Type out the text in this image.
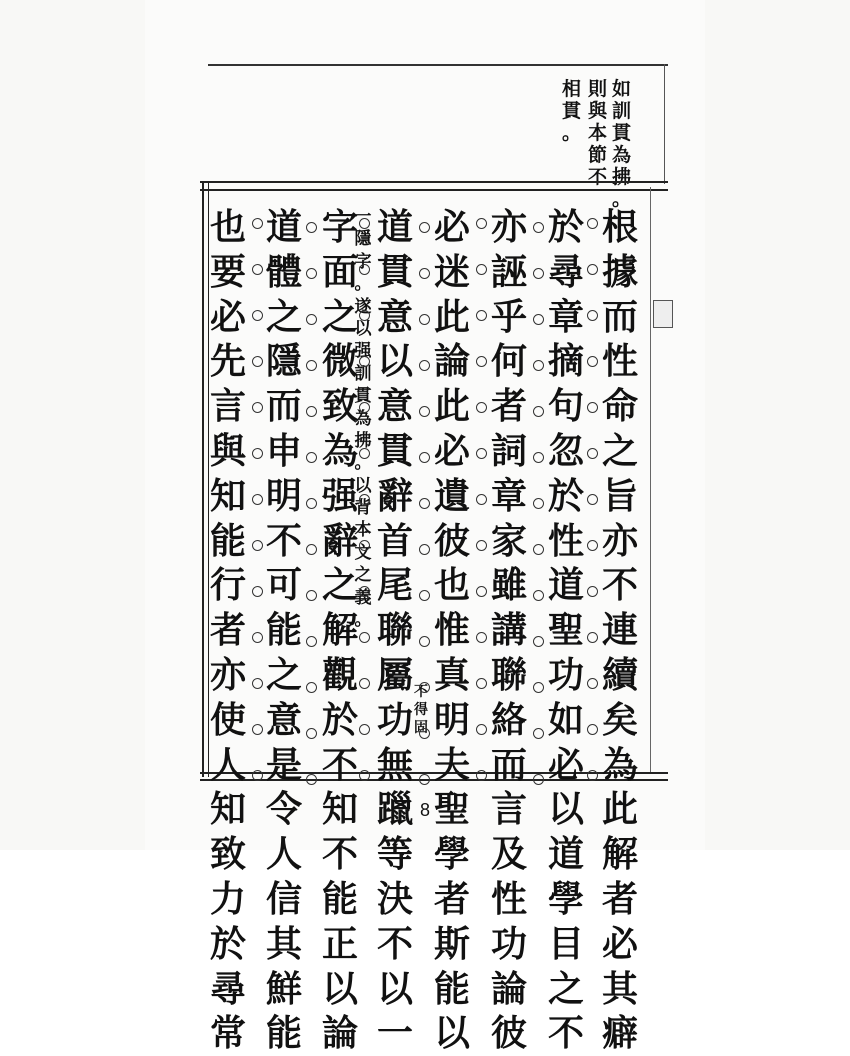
如
訓
貫
為
拂
。
則
與
本
節
不
相
貫
。
根
據
而
性
命
之
旨
亦
不
連
續
矣
為
此
解
者
必
其
癖
於
尋
章
摘
句
忽
於
性
道
聖
功
如
必
以
道
學
目
之
不
亦
誣
乎
何
者
詞
章
家
雖
講
聯
絡
而
言
及
性
功
論
彼
必
迷
此
論
此
必
遺
彼
也
惟
真
明
夫
聖
學
者
斯
能
以
道
貫
意
以
意
貫
辭
首
尾
聯
屬
功
無
躐
等
決
不
以
一
字
面
之
微
致
為
强
辭
之
解
觀
於
不
知
不
能
正
以
論
道
體
之
隱
而
申
明
不
可
能
之
意
是
令
人
信
其
鮮
能
也
要
必
先
言
與
知
能
行
者
亦
使
人
知
致
力
於
尋
常
一
隱
字
。
遂
以
强
訓
貫
為
拂
。
以
背
本
文
之
義
。
不
得
固
8
